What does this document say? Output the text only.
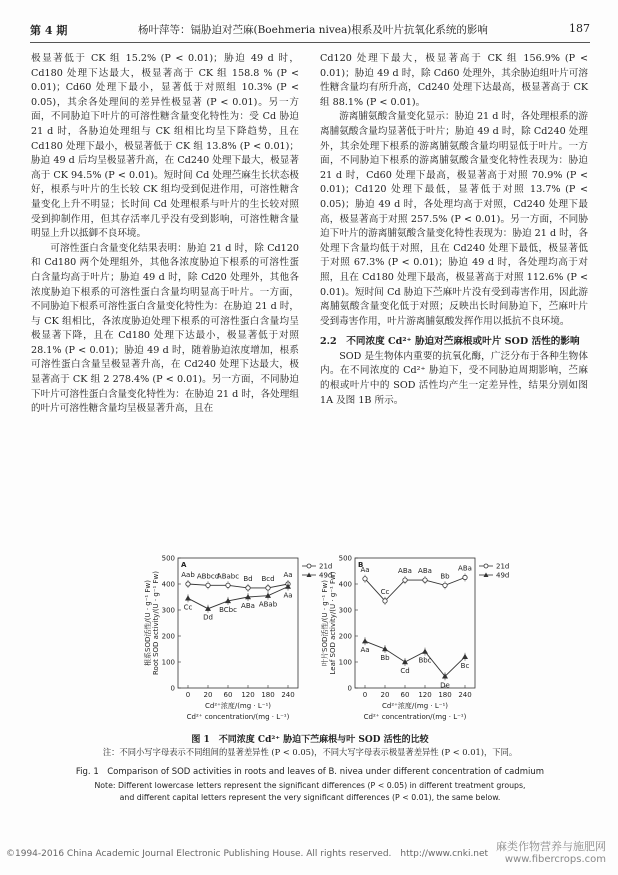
第 4 期	杨叶萍等：镉胁迫对苎麻(Boehmeria nivea)根系及叶片抗氧化系统的影响	187

极显著低于 CK 组 15.2% (P < 0.01)；胁迫 49 d 时，Cd180 处理下达最大，极显著高于 CK 组 158.8 % (P < 0.01)；Cd60 处理下最小，显著低于对照组 10.3% (P < 0.05)，其余各处理间的差异性极显著 (P < 0.01)。另一方面，不同胁迫下叶片的可溶性糖含量变化特性为：受 Cd 胁迫 21 d 时，各胁迫处理组与 CK 组相比均呈下降趋势，且在 Cd180 处理下最小，极显著低于 CK 组 13.8% (P < 0.01)；胁迫 49 d 后均呈极显著升高，在 Cd240 处理下最大，极显著高于 CK 94.5% (P < 0.01)。短时间 Cd 处理苎麻生长状态极好，根系与叶片的生长较 CK 组均受到促进作用，可溶性糖含量变化上升不明显；长时间 Cd 处理根系与叶片的生长较对照受到抑制作用，但其存活率几乎没有受到影响，可溶性糖含量明显上升以抵御不良环境。

可溶性蛋白含量变化结果表明：胁迫 21 d 时，除 Cd120 和 Cd180 两个处理组外，其他各浓度胁迫下根系的可溶性蛋白含量均高于叶片；胁迫 49 d 时，除 Cd20 处理外，其他各浓度胁迫下根系的可溶性蛋白含量均明显高于叶片。一方面，不同胁迫下根系可溶性蛋白含量变化特性为：在胁迫 21 d 时，与 CK 组相比，各浓度胁迫处理下根系的可溶性蛋白含量均呈极显著下降，且在 Cd180 处理下达最小，极显著低于对照 28.1% (P < 0.01)；胁迫 49 d 时，随着胁迫浓度增加，根系可溶性蛋白含量呈极显著升高，在 Cd240 处理下达最大，极显著高于 CK 组 2 278.4% (P < 0.01)。另一方面，不同胁迫下叶片可溶性蛋白含量变化特性为：在胁迫 21 d 时，各处理组的叶片可溶性糖含量均呈极显著升高，且在

Cd120 处理下最大，极显著高于 CK 组 156.9% (P < 0.01)；胁迫 49 d 时，除 Cd60 处理外，其余胁迫组叶片可溶性糖含量均有所升高，Cd240 处理下达最高，极显著高于 CK 组 88.1% (P < 0.01)。

游离脯氨酸含量变化显示：胁迫 21 d 时，各处理根系的游离脯氨酸含量均显著低于叶片；胁迫 49 d 时，除 Cd240 处理外，其余处理下根系的游离脯氨酸含量均明显低于叶片。一方面，不同胁迫下根系的游离脯氨酸含量变化特性表现为：胁迫 21 d 时，Cd60 处理下最高，极显著高于对照 70.9% (P < 0.01)；Cd120 处理下最低，显著低于对照 13.7% (P < 0.05)；胁迫 49 d 时，各处理均高于对照，Cd240 处理下最高，极显著高于对照 257.5% (P < 0.01)。另一方面，不同胁迫下叶片的游离脯氨酸含量变化特性表现为：胁迫 21 d 时，各处理下含量均低于对照，且在 Cd240 处理下最低，极显著低于对照 67.3% (P < 0.01)；胁迫 49 d 时，各处理均高于对照，且在 Cd180 处理下最高，极显著高于对照 112.6% (P < 0.01)。短时间 Cd 胁迫下苎麻叶片没有受到毒害作用，因此游离脯氨酸含量变化低于对照；反映出长时间胁迫下，苎麻叶片受到毒害作用，叶片游离脯氨酸发挥作用以抵抗不良环境。

2.2　不同浓度 Cd²⁺ 胁迫对苎麻根或叶片 SOD 活性的影响

SOD 是生物体内重要的抗氧化酶，广泛分布于各种生物体内。在不同浓度的 Cd²⁺ 胁迫下，受不同胁迫周期影响，苎麻的根或叶片中的 SOD 活性均产生一定差异性，结果分别如图 1A 及图 1B 所示。

A
0
100
200
300
400
500
0 20 60 120 180 240
Cd²⁺浓度/(mg · L⁻¹)
Cd²⁺ concentration/(mg · L⁻¹)
根系SOD活性/(U · g⁻¹ Fw) Root SOD activity/(U · g⁻¹ Fw)
21d
49d
Aab ABbcd
ABabc Bd Bcd Aa
Cc
Dd
BCbc ABa ABab
Aa
B
0
100
200
300
400
500
0 20 60 120 180 240
Cd²⁺浓度/(mg · L⁻¹)
Cd²⁺ concentration/(mg · L⁻¹)
叶片SOD活性/(U · g⁻¹ Fw) Leaf SOD activity/(U · g⁻¹ Fw)
21d
49d
Aa
Cc
ABa ABa
Bb
ABa
Aa
Bb
Cd
Bbc
De
Bc
图 1　不同浓度 Cd²⁺ 胁迫下苎麻根与叶 SOD 活性的比较
注：不同小写字母表示不同组间的显著差异性 (P < 0.05)，不同大写字母表示极显著差异性 (P < 0.01)，下同。
Fig. 1　Comparison of SOD activities in roots and leaves of B. nivea under different concentration of cadmium
Note: Different lowercase letters represent the significant differences (P < 0.05) in different treatment groups,
and different capital letters represent the very significant differences (P < 0.01), the same below.
©1994-2016 China Academic Journal Electronic Publishing House. All rights reserved.　http://www.cnki.net
麻类作物营养与施肥网
www.fibercrops.com
